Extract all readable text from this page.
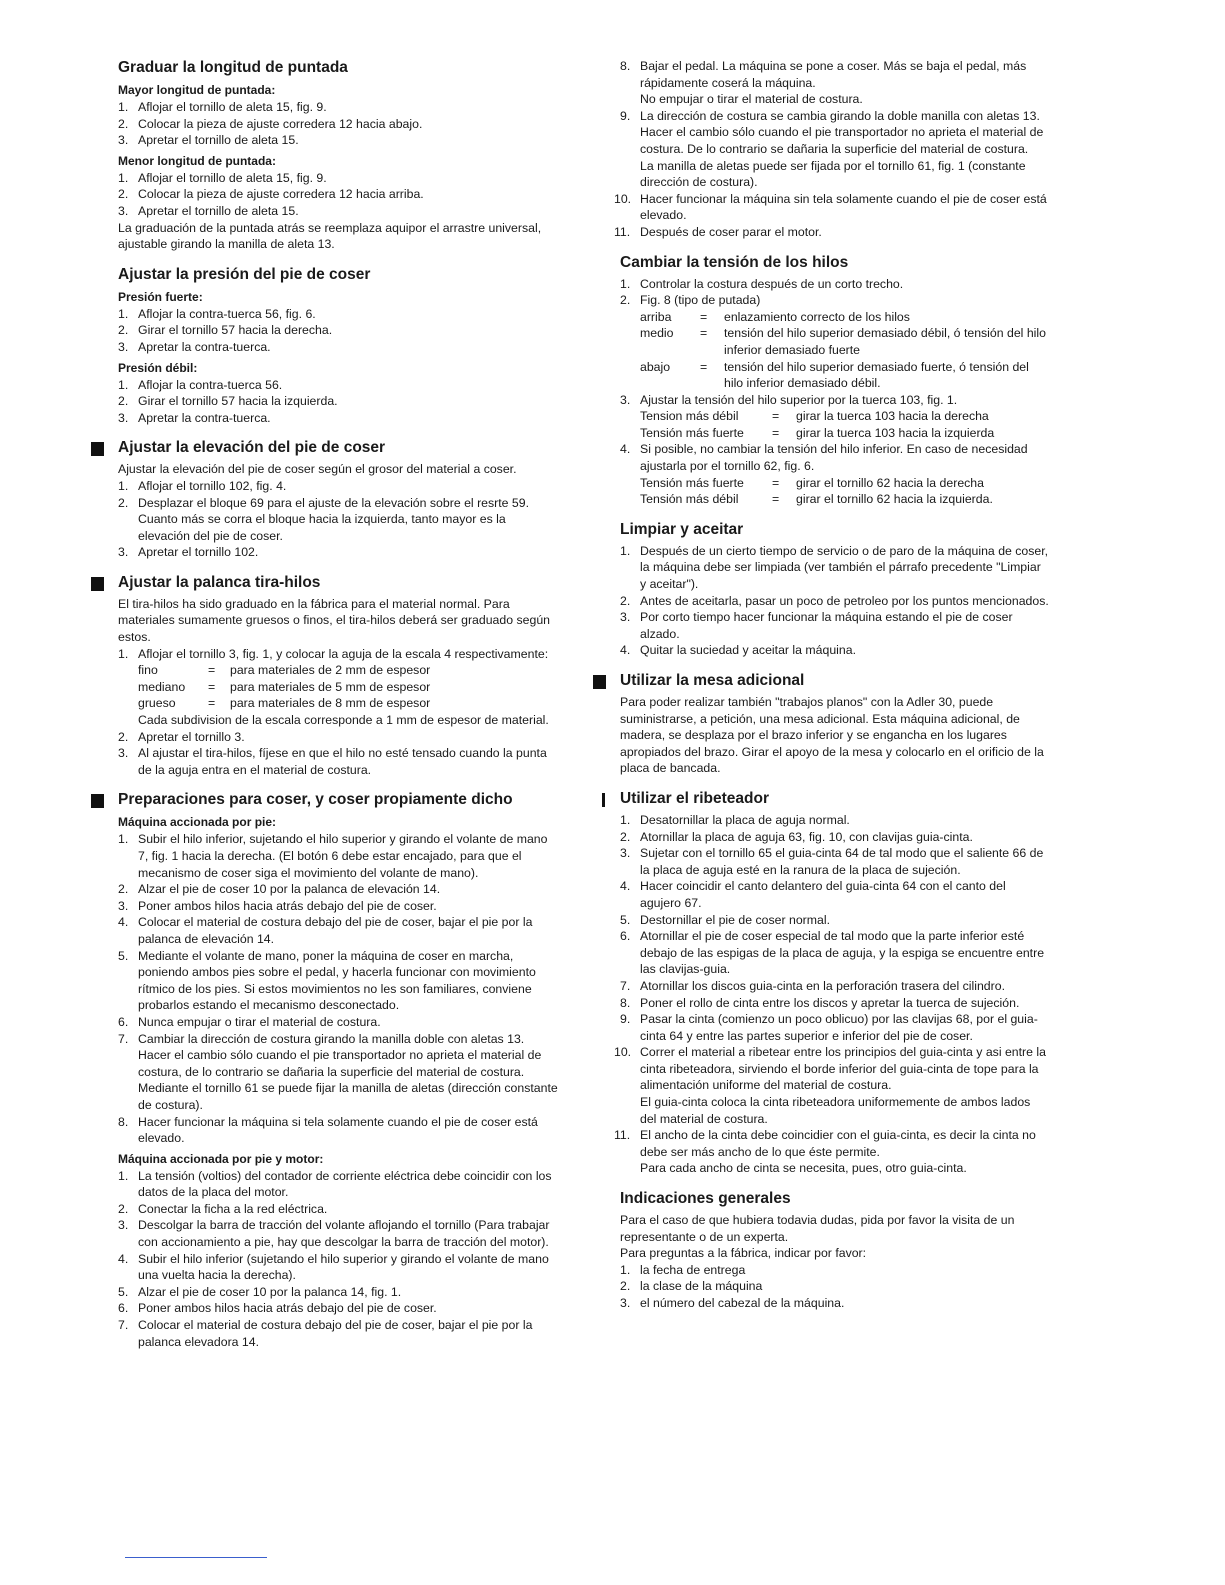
Graduar la longitud de puntada
Mayor longitud de puntada:
1. Aflojar el tornillo de aleta 15, fig. 9.
2. Colocar la pieza de ajuste corredera 12 hacia abajo.
3. Apretar el tornillo de aleta 15.
Menor longitud de puntada:
1. Aflojar el tornillo de aleta 15, fig. 9.
2. Colocar la pieza de ajuste corredera 12 hacia arriba.
3. Apretar el tornillo de aleta 15.

La graduación de la puntada atrás se reemplaza aquipor el arrastre universal, ajustable girando la manilla de aleta 13.

Ajustar la presión del pie de coser
Presión fuerte:
1. Aflojar la contra-tuerca 56, fig. 6.
2. Girar el tornillo 57 hacia la derecha.
3. Apretar la contra-tuerca.
Presión débil:
1. Aflojar la contra-tuerca 56.
2. Girar el tornillo 57 hacia la izquierda.
3. Apretar la contra-tuerca.
Ajustar la elevación del pie de coser

Ajustar la elevación del pie de coser según el grosor del material a coser.

1. Aflojar el tornillo 102, fig. 4.
2. Desplazar el bloque 69 para el ajuste de la elevación sobre el resrte 59. Cuanto más se corra el bloque hacia la izquierda, tanto mayor es la elevación del pie de coser.
3. Apretar el tornillo 102.
Ajustar la palanca tira-hilos

El tira-hilos ha sido graduado en la fábrica para el material normal. Para materiales sumamente gruesos o finos, el tira-hilos deberá ser graduado según estos.

1. Aflojar el tornillo 3, fig. 1, y colocar la aguja de la escala 4 respectivamente:
fino	=	para materiales de 2 mm de espesor
mediano	=	para materiales de 5 mm de espesor
grueso	=	para materiales de 8 mm de espesor

Cada subdivision de la escala corresponde a 1 mm de espesor de material.

2. Apretar el tornillo 3.
3. Al ajustar el tira-hilos, fíjese en que el hilo no esté tensado cuando la punta de la aguja entra en el material de costura.
Preparaciones para coser, y coser propiamente dicho
Máquina accionada por pie:
1. Subir el hilo inferior, sujetando el hilo superior y girando el volante de mano 7, fig. 1 hacia la derecha. (El botón 6 debe estar encajado, para que el mecanismo de coser siga el movimiento del volante de mano).
2. Alzar el pie de coser 10 por la palanca de elevación 14.
3. Poner ambos hilos hacia atrás debajo del pie de coser.
4. Colocar el material de costura debajo del pie de coser, bajar el pie por la palanca de elevación 14.
5. Mediante el volante de mano, poner la máquina de coser en marcha, poniendo ambos pies sobre el pedal, y hacerla funcionar con movimiento rítmico de los pies. Si estos movimientos no les son familiares, conviene probarlos estando el mecanismo desconectado.
6. Nunca empujar o tirar el material de costura.
7. Cambiar la dirección de costura girando la manilla doble con aletas 13. Hacer el cambio sólo cuando el pie transportador no aprieta el material de costura, de lo contrario se dañaria la superficie del material de costura. Mediante el tornillo 61 se puede fijar la manilla de aletas (dirección constante de costura).
8. Hacer funcionar la máquina si tela solamente cuando el pie de coser está elevado.
Máquina accionada por pie y motor:
1. La tensión (voltios) del contador de corriente eléctrica debe coincidir con los datos de la placa del motor.
2. Conectar la ficha a la red eléctrica.
3. Descolgar la barra de tracción del volante aflojando el tornillo (Para trabajar con accionamiento a pie, hay que descolgar la barra de tracción del motor).
4. Subir el hilo inferior (sujetando el hilo superior y girando el volante de mano una vuelta hacia la derecha).
5. Alzar el pie de coser 10 por la palanca 14, fig. 1.
6. Poner ambos hilos hacia atrás debajo del pie de coser.
7. Colocar el material de costura debajo del pie de coser, bajar el pie por la palanca elevadora 14.
8. Bajar el pedal. La máquina se pone a coser. Más se baja el pedal, más rápidamente coserá la máquina.
No empujar o tirar el material de costura.
9. La dirección de costura se cambia girando la doble manilla con aletas 13. Hacer el cambio sólo cuando el pie transportador no aprieta el material de costura. De lo contrario se dañaria la superficie del material de costura.
La manilla de aletas puede ser fijada por el tornillo 61, fig. 1 (constante dirección de costura).
10. Hacer funcionar la máquina sin tela solamente cuando el pie de coser está elevado.
11. Después de coser parar el motor.
Cambiar la tensión de los hilos
1. Controlar la costura después de un corto trecho.
2. Fig. 8 (tipo de putada)
arriba	=	enlazamiento correcto de los hilos
medio	=	tensión del hilo superior demasiado débil, ó tensión del hilo inferior demasiado fuerte
abajo	=	tensión del hilo superior demasiado fuerte, ó tensión del hilo inferior demasiado débil.
3. Ajustar la tensión del hilo superior por la tuerca 103, fig. 1.
Tension más débil	=	girar la tuerca 103 hacia la derecha
Tensión más fuerte	=	girar la tuerca 103 hacia la izquierda
4. Si posible, no cambiar la tensión del hilo inferior. En caso de necesidad ajustarla por el tornillo 62, fig. 6.
Tensión más fuerte	=	girar el tornillo 62 hacia la derecha
Tensión más débil	=	girar el tornillo 62 hacia la izquierda.
Limpiar y aceitar
1. Después de un cierto tiempo de servicio o de paro de la máquina de coser, la máquina debe ser limpiada (ver también el párrafo precedente "Limpiar y aceitar").
2. Antes de aceitarla, pasar un poco de petroleo por los puntos mencionados.
3. Por corto tiempo hacer funcionar la máquina estando el pie de coser alzado.
4. Quitar la suciedad y aceitar la máquina.
Utilizar la mesa adicional

Para poder realizar también "trabajos planos" con la Adler 30, puede suministrarse, a petición, una mesa adicional. Esta máquina adicional, de madera, se desplaza por el brazo inferior y se engancha en los lugares apropiados del brazo. Girar el apoyo de la mesa y colocarlo en el orificio de la placa de bancada.

Utilizar el ribeteador
1. Desatornillar la placa de aguja normal.
2. Atornillar la placa de aguja 63, fig. 10, con clavijas guia-cinta.
3. Sujetar con el tornillo 65 el guia-cinta 64 de tal modo que el saliente 66 de la placa de aguja esté en la ranura de la placa de sujeción.
4. Hacer coincidir el canto delantero del guia-cinta 64 con el canto del agujero 67.
5. Destornillar el pie de coser normal.
6. Atornillar el pie de coser especial de tal modo que la parte inferior esté debajo de las espigas de la placa de aguja, y la espiga se encuentre entre las clavijas-guia.
7. Atornillar los discos guia-cinta en la perforación trasera del cilindro.
8. Poner el rollo de cinta entre los discos y apretar la tuerca de sujeción.
9. Pasar la cinta (comienzo un poco oblicuo) por las clavijas 68, por el guia-cinta 64 y entre las partes superior e inferior del pie de coser.
10. Correr el material a ribetear entre los principios del guia-cinta y asi entre la cinta ribeteadora, sirviendo el borde inferior del guia-cinta de tope para la alimentación uniforme del material de costura.
El guia-cinta coloca la cinta ribeteadora uniformemente de ambos lados del material de costura.
11. El ancho de la cinta debe coincidier con el guia-cinta, es decir la cinta no debe ser más ancho de lo que éste permite.
Para cada ancho de cinta se necesita, pues, otro guia-cinta.
Indicaciones generales

Para el caso de que hubiera todavia dudas, pida por favor la visita de un representante o de un experta.

Para preguntas a la fábrica, indicar por favor:

1. la fecha de entrega
2. la clase de la máquina
3. el número del cabezal de la máquina.
